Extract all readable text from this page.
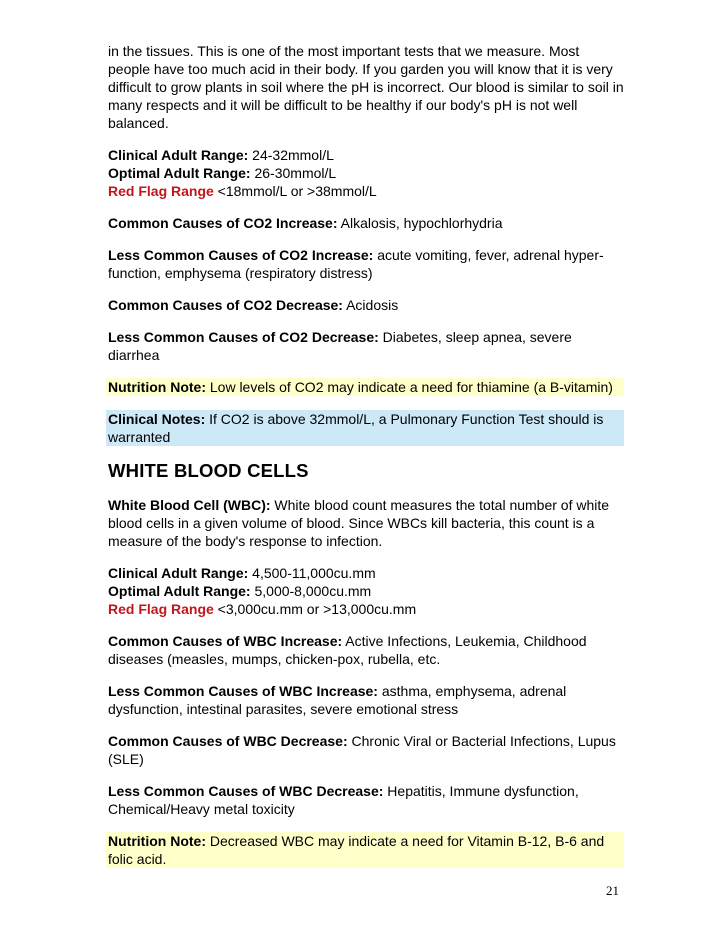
in the tissues. This is one of the most important tests that we measure. Most people have too much acid in their body. If you garden you will know that it is very difficult to grow plants in soil where the pH is incorrect. Our blood is similar to soil in many respects and it will be difficult to be healthy if our body's pH is not well balanced.

Clinical Adult Range: 24-32mmol/L
Optimal Adult Range: 26-30mmol/L
Red Flag Range <18mmol/L or >38mmol/L

Common Causes of CO2 Increase: Alkalosis, hypochlorhydria

Less Common Causes of CO2 Increase: acute vomiting, fever, adrenal hyper-function, emphysema (respiratory distress)

Common Causes of CO2 Decrease: Acidosis

Less Common Causes of CO2 Decrease: Diabetes, sleep apnea, severe diarrhea

Nutrition Note: Low levels of CO2 may indicate a need for thiamine (a B-vitamin)

Clinical Notes: If CO2 is above 32mmol/L, a Pulmonary Function Test should is warranted

WHITE BLOOD CELLS

White Blood Cell (WBC): White blood count measures the total number of white blood cells in a given volume of blood. Since WBCs kill bacteria, this count is a measure of the body's response to infection.

Clinical Adult Range: 4,500-11,000cu.mm
Optimal Adult Range: 5,000-8,000cu.mm
Red Flag Range <3,000cu.mm or >13,000cu.mm

Common Causes of WBC Increase: Active Infections, Leukemia, Childhood diseases (measles, mumps, chicken-pox, rubella, etc.

Less Common Causes of WBC Increase: asthma, emphysema, adrenal dysfunction, intestinal parasites, severe emotional stress

Common Causes of WBC Decrease: Chronic Viral or Bacterial Infections, Lupus (SLE)

Less Common Causes of WBC Decrease: Hepatitis, Immune dysfunction, Chemical/Heavy metal toxicity

Nutrition Note: Decreased WBC may indicate a need for Vitamin B-12, B-6 and folic acid.

21
